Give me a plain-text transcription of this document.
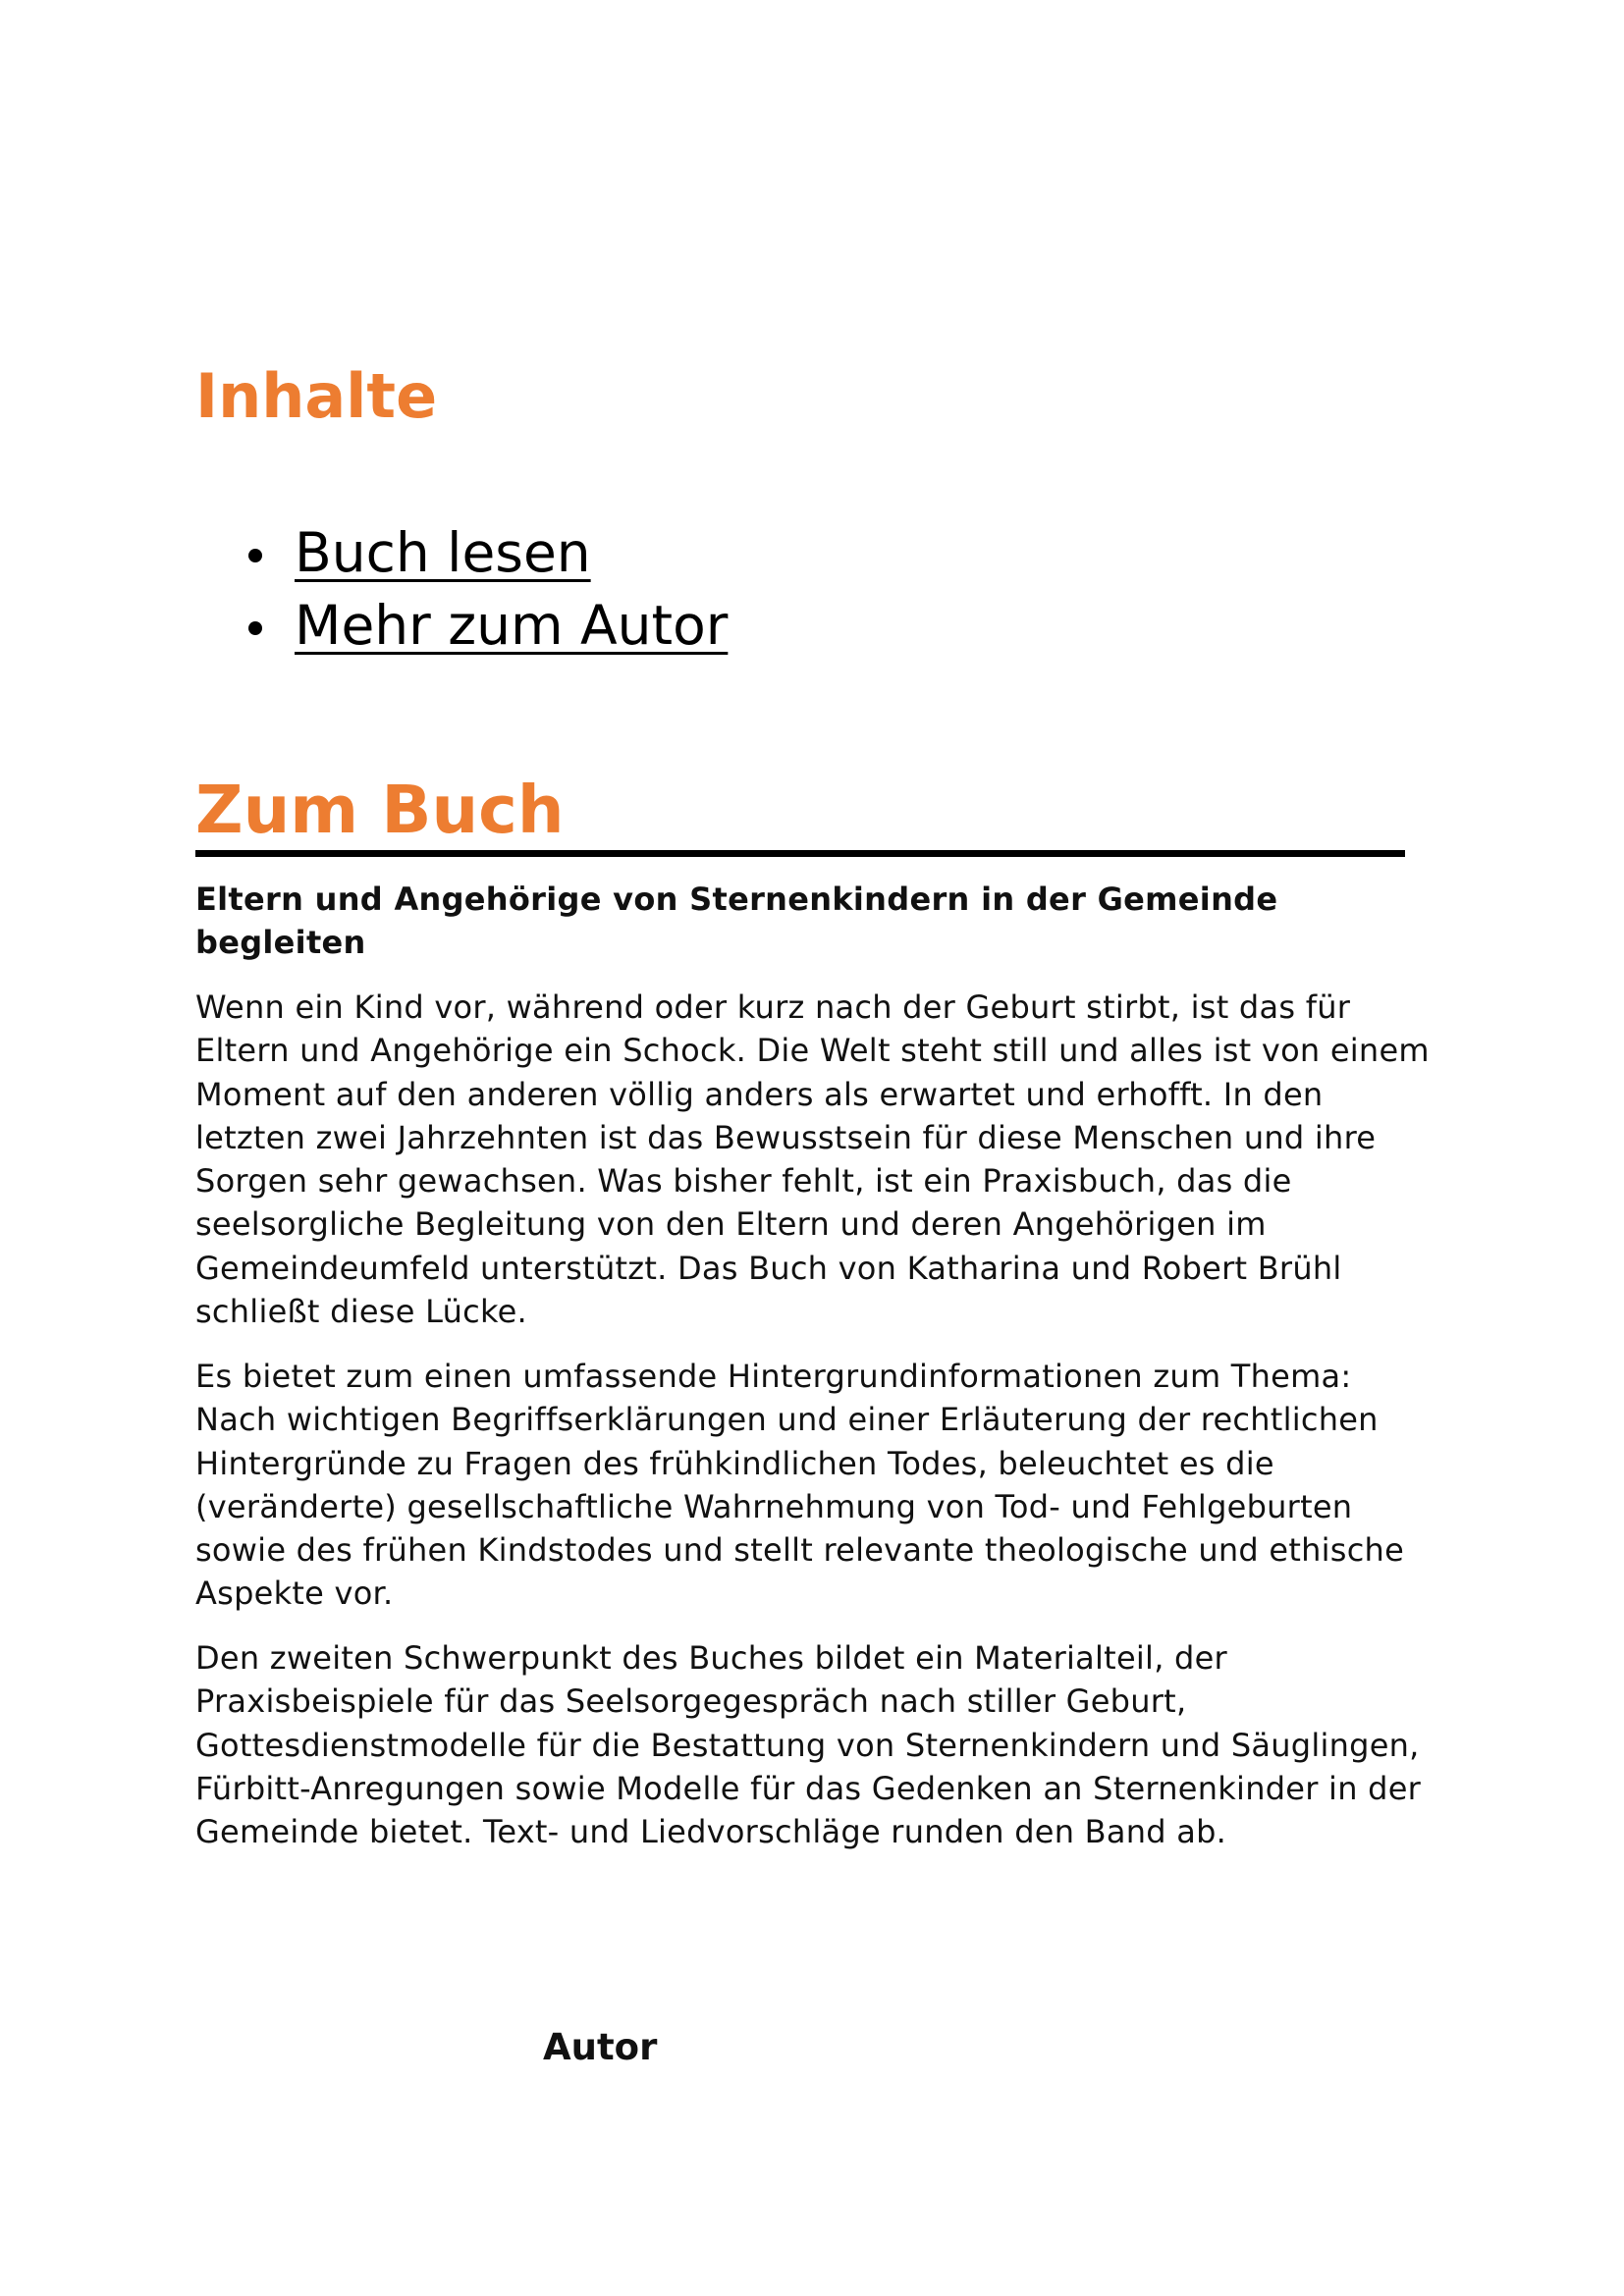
Inhalte
Buch lesen
Mehr zum Autor
Zum Buch

Eltern und Angehörige von Sternenkindern in der Gemeinde begleiten

Wenn ein Kind vor, während oder kurz nach der Geburt stirbt, ist das für Eltern und Angehörige ein Schock. Die Welt steht still und alles ist von einem Moment auf den anderen völlig anders als erwartet und erhofft. In den letzten zwei Jahrzehnten ist das Bewusstsein für diese Menschen und ihre Sorgen sehr gewachsen. Was bisher fehlt, ist ein Praxisbuch, das die seelsorgliche Begleitung von den Eltern und deren Angehörigen im Gemeindeumfeld unterstützt. Das Buch von Katharina und Robert Brühl schließt diese Lücke.

Es bietet zum einen umfassende Hintergrundinformationen zum Thema: Nach wichtigen Begriffserklärungen und einer Erläuterung der rechtlichen Hintergründe zu Fragen des frühkindlichen Todes, beleuchtet es die (veränderte) gesellschaftliche Wahrnehmung von Tod- und Fehlgeburten sowie des frühen Kindstodes und stellt relevante theologische und ethische Aspekte vor.

Den zweiten Schwerpunkt des Buches bildet ein Materialteil, der Praxisbeispiele für das Seelsorgegespräch nach stiller Geburt, Gottesdienstmodelle für die Bestattung von Sternenkindern und Säuglingen, Fürbitt-Anregungen sowie Modelle für das Gedenken an Sternenkinder in der Gemeinde bietet. Text- und Liedvorschläge runden den Band ab.

Autor
